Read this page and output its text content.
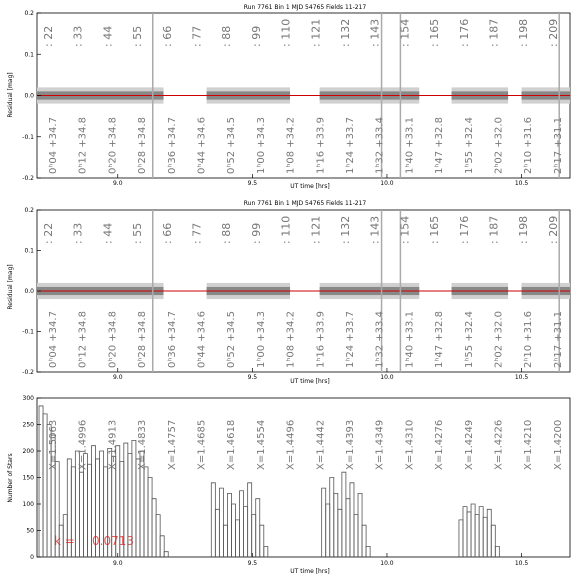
Run 7761 Bin 1 MJD 54765 Fields 11-217
Residual [mag]
UT time [hrs]
-0.2
-0.1
0.0
0.1
0.2
9.0	9.5	10.0	10.5
: 22
0ʰ04 +34.7
: 33
0ʰ12 +34.8
: 44
0ʰ20 +34.8
: 55
0ʰ28 +34.8
: 66
0ʰ36 +34.7
: 77
0ʰ44 +34.6
: 88
0ʰ52 +34.5
: 99
1ʰ00 +34.3
: 110
1ʰ08 +34.2
: 121
1ʰ16 +33.9
: 132
1ʰ24 +33.7
: 143
1ʰ32 +33.4
: 154
1ʰ40 +33.1
: 165
1ʰ47 +32.8
: 176
1ʰ55 +32.4
: 187
2ʰ02 +32.0
: 198
2ʰ10 +31.6
: 209
2ʰ17 +31.1
Run 7761 Bin 1 MJD 54765 Fields 11-217
Residual [mag]
UT time [hrs]
-0.2
-0.1
0.0
0.1
0.2
9.0	9.5	10.0	10.5
: 22
0ʰ04 +34.7
: 33
0ʰ12 +34.8
: 44
0ʰ20 +34.8
: 55
0ʰ28 +34.8
: 66
0ʰ36 +34.7
: 77
0ʰ44 +34.6
: 88
0ʰ52 +34.5
: 99
1ʰ00 +34.3
: 110
1ʰ08 +34.2
: 121
1ʰ16 +33.9
: 132
1ʰ24 +33.7
: 143
1ʰ32 +33.4
: 154
1ʰ40 +33.1
: 165
1ʰ47 +32.8
: 176
1ʰ55 +32.4
: 187
2ʰ02 +32.0
: 198
2ʰ10 +31.6
: 209
2ʰ17 +31.1
Number of Stars
UT time [hrs]
k = 0.0713
0
50
100
150
200
250
300
9.0	9.5	10.0	10.5
X=1.5063 X=1.4996 X=1.4913 X=1.4833 X=1.4757 X=1.4685 X=1.4618 X=1.4554 X=1.4496 X=1.4442 X=1.4393 X=1.4349 X=1.4310 X=1.4276 X=1.4249 X=1.4226 X=1.4210 X=1.4200
